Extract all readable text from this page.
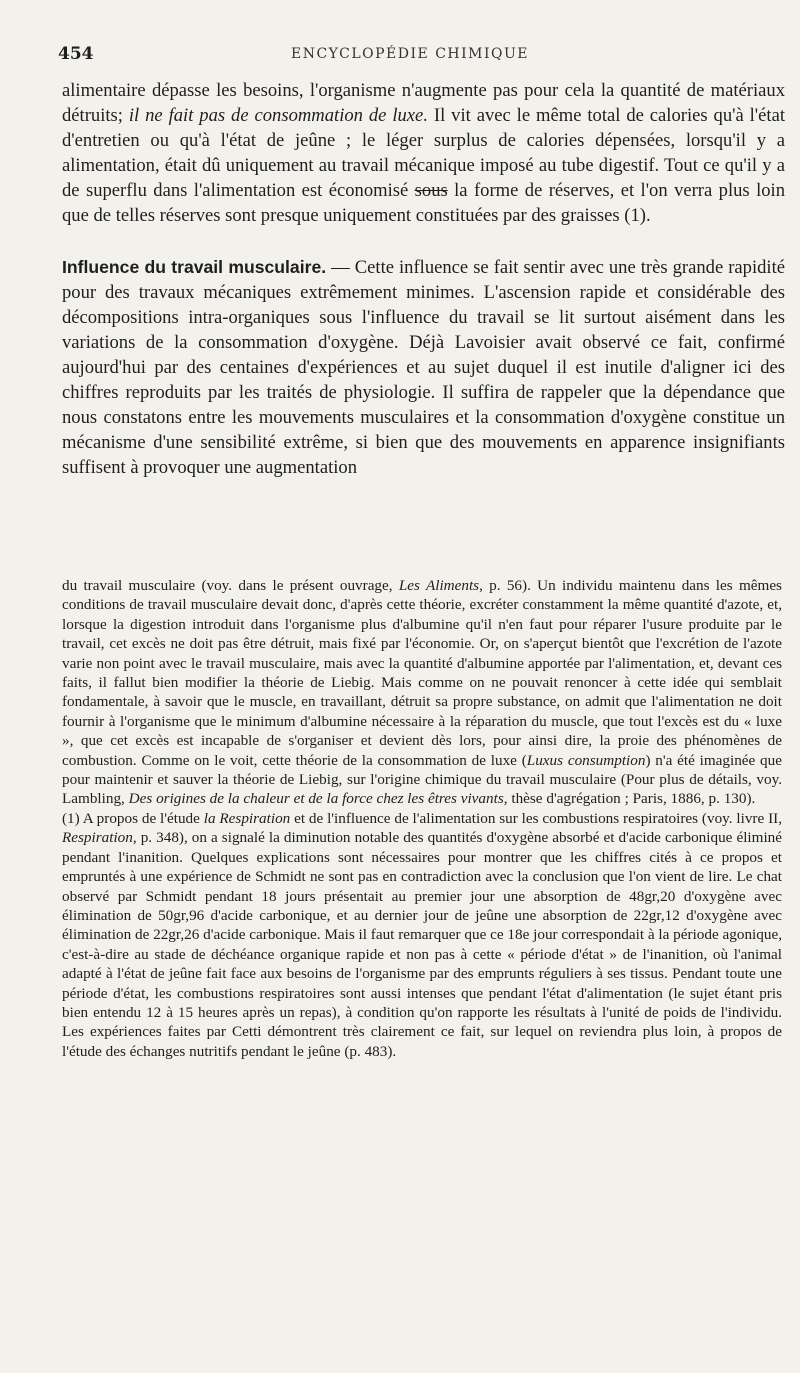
454	ENCYCLOPÉDIE CHIMIQUE

alimentaire dépasse les besoins, l'organisme n'augmente pas pour cela la quantité de matériaux détruits; il ne fait pas de consommation de luxe. Il vit avec le même total de calories qu'à l'état d'entretien ou qu'à l'état de jeûne ; le léger surplus de calories dépensées, lorsqu'il y a alimentation, était dû uniquement au travail mécanique imposé au tube digestif. Tout ce qu'il y a de superflu dans l'alimentation est économisé sous la forme de réserves, et l'on verra plus loin que de telles réserves sont presque uniquement constituées par des graisses (1).

Influence du travail musculaire. — Cette influence se fait sentir avec une très grande rapidité pour des travaux mécaniques extrêmement minimes. L'ascension rapide et considérable des décompositions intra-organiques sous l'influence du travail se lit surtout aisément dans les variations de la consommation d'oxygène. Déjà Lavoisier avait observé ce fait, confirmé aujourd'hui par des centaines d'expériences et au sujet duquel il est inutile d'aligner ici des chiffres reproduits par les traités de physiologie. Il suffira de rappeler que la dépendance que nous constatons entre les mouvements musculaires et la consommation d'oxygène constitue un mécanisme d'une sensibilité extrême, si bien que des mouvements en apparence insignifiants suffisent à provoquer une augmentation

du travail musculaire (voy. dans le présent ouvrage, Les Aliments, p. 56). Un individu maintenu dans les mêmes conditions de travail musculaire devait donc, d'après cette théorie, excréter constamment la même quantité d'azote, et, lorsque la digestion introduit dans l'organisme plus d'albumine qu'il n'en faut pour réparer l'usure produite par le travail, cet excès ne doit pas être détruit, mais fixé par l'économie. Or, on s'aperçut bientôt que l'excrétion de l'azote varie non point avec le travail musculaire, mais avec la quantité d'albumine apportée par l'alimentation, et, devant ces faits, il fallut bien modifier la théorie de Liebig. Mais comme on ne pouvait renoncer à cette idée qui semblait fondamentale, à savoir que le muscle, en travaillant, détruit sa propre substance, on admit que l'alimentation ne doit fournir à l'organisme que le minimum d'albumine nécessaire à la réparation du muscle, que tout l'excès est du « luxe », que cet excès est incapable de s'organiser et devient dès lors, pour ainsi dire, la proie des phénomènes de combustion. Comme on le voit, cette théorie de la consommation de luxe (Luxus consumption) n'a été imaginée que pour maintenir et sauver la théorie de Liebig, sur l'origine chimique du travail musculaire (Pour plus de détails, voy. Lambling, Des origines de la chaleur et de la force chez les êtres vivants, thèse d'agrégation ; Paris, 1886, p. 130).

(1) A propos de l'étude la Respiration et de l'influence de l'alimentation sur les combustions respiratoires (voy. livre II, Respiration, p. 348), on a signalé la diminution notable des quantités d'oxygène absorbé et d'acide carbonique éliminé pendant l'inanition. Quelques explications sont nécessaires pour montrer que les chiffres cités à ce propos et empruntés à une expérience de Schmidt ne sont pas en contradiction avec la conclusion que l'on vient de lire. Le chat observé par Schmidt pendant 18 jours présentait au premier jour une absorption de 48gr,20 d'oxygène avec élimination de 50gr,96 d'acide carbonique, et au dernier jour de jeûne une absorption de 22gr,12 d'oxygène avec élimination de 22gr,26 d'acide carbonique. Mais il faut remarquer que ce 18e jour correspondait à la période agonique, c'est-à-dire au stade de déchéance organique rapide et non pas à cette « période d'état » de l'inanition, où l'animal adapté à l'état de jeûne fait face aux besoins de l'organisme par des emprunts réguliers à ses tissus. Pendant toute une période d'état, les combustions respiratoires sont aussi intenses que pendant l'état d'alimentation (le sujet étant pris bien entendu 12 à 15 heures après un repas), à condition qu'on rapporte les résultats à l'unité de poids de l'individu. Les expériences faites par Cetti démontrent très clairement ce fait, sur lequel on reviendra plus loin, à propos de l'étude des échanges nutritifs pendant le jeûne (p. 483).
